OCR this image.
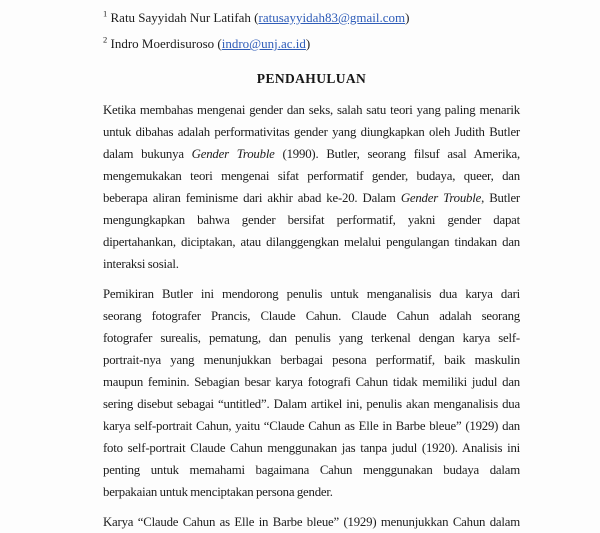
$^1$ Ratu Sayyidah Nur Latifah (ratusayyidah83@gmail.com)
$^2$ Indro Moerdisuroso (indro@unj.ac.id)
PENDAHULUAN
Ketika membahas mengenai gender dan seks, salah satu teori yang paling menarik
untuk dibahas adalah performativitas gender yang diungkapkan oleh Judith Butler
dalam bukunya Gender Trouble (1990). Butler, seorang filsuf asal Amerika,
mengemukakan teori mengenai sifat performatif gender, budaya, queer, dan
beberapa aliran feminisme dari akhir abad ke-20. Dalam Gender Trouble, Butler
mengungkapkan bahwa gender bersifat performatif, yakni gender dapat
dipertahankan, diciptakan, atau dilanggengkan melalui pengulangan tindakan dan
interaksi sosial.
Pemikiran Butler ini mendorong penulis untuk menganalisis dua karya dari
seorang fotografer Prancis, Claude Cahun. Claude Cahun adalah seorang
fotografer surealis, pematung, dan penulis yang terkenal dengan karya self-
portrait-nya yang menunjukkan berbagai pesona performatif, baik maskulin
maupun feminin. Sebagian besar karya fotografi Cahun tidak memiliki judul dan
sering disebut sebagai “untitled”. Dalam artikel ini, penulis akan menganalisis dua
karya self-portrait Cahun, yaitu “Claude Cahun as Elle in Barbe bleue” (1929) dan
foto self-portrait Claude Cahun menggunakan jas tanpa judul (1920). Analisis ini
penting untuk memahami bagaimana Cahun menggunakan budaya dalam
berpakaian untuk menciptakan persona gender.
Karya “Claude Cahun as Elle in Barbe bleue” (1929) menunjukkan Cahun dalam
